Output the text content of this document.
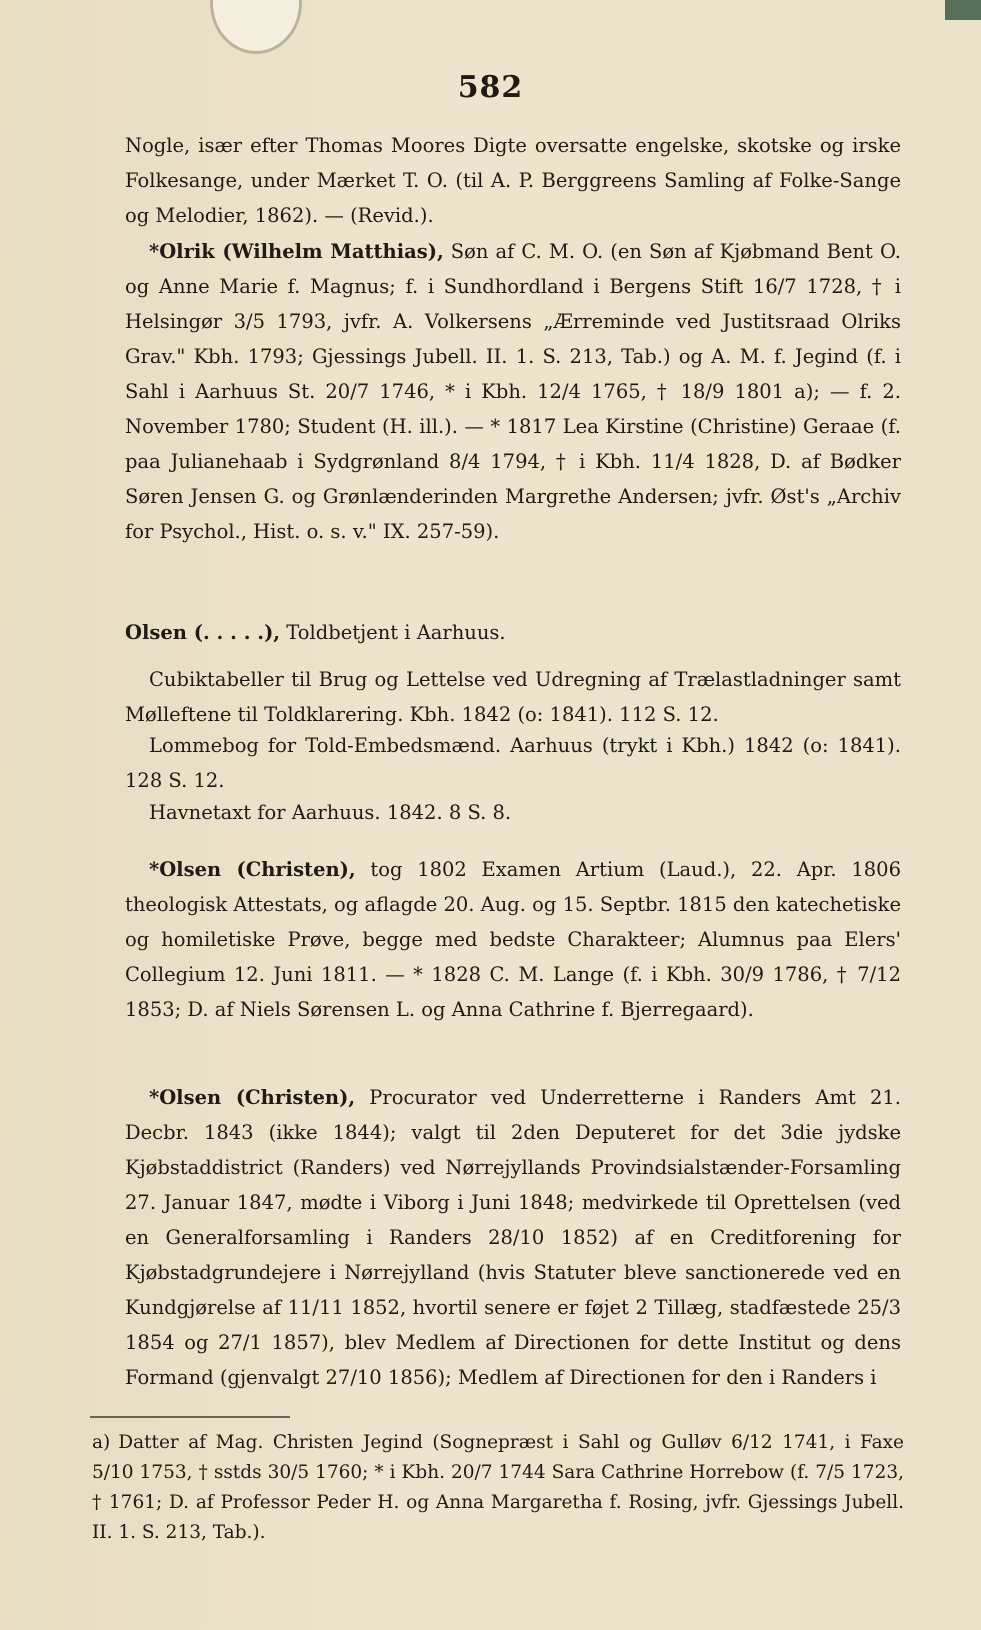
582

Nogle, især efter Thomas Moores Digte oversatte engelske, skotske og irske Folkesange, under Mærket T. O. (til A. P. Berggreens Samling af Folke-Sange og Melodier, 1862). — (Revid.).

*Olrik (Wilhelm Matthias), Søn af C. M. O. (en Søn af Kjøbmand Bent O. og Anne Marie f. Magnus; f. i Sundhordland i Bergens Stift 16/7 1728, † i Helsingør 3/5 1793, jvfr. A. Volkersens „Ærreminde ved Justitsraad Olriks Grav." Kbh. 1793; Gjessings Jubell. II. 1. S. 213, Tab.) og A. M. f. Jegind (f. i Sahl i Aarhuus St. 20/7 1746, * i Kbh. 12/4 1765, † 18/9 1801 a); — f. 2. November 1780; Student (H. ill.). — * 1817 Lea Kirstine (Christine) Geraae (f. paa Julianehaab i Sydgrønland 8/4 1794, † i Kbh. 11/4 1828, D. af Bødker Søren Jensen G. og Grønlænderinden Margrethe Andersen; jvfr. Øst's „Archiv for Psychol., Hist. o. s. v." IX. 257-59).

Olsen (. . . . .), Toldbetjent i Aarhuus.

Cubiktabeller til Brug og Lettelse ved Udregning af Trælastladninger samt Mølleftene til Toldklarering. Kbh. 1842 (o: 1841). 112 S. 12.

Lommebog for Told-Embedsmænd. Aarhuus (trykt i Kbh.) 1842 (o: 1841). 128 S. 12.

Havnetaxt for Aarhuus. 1842. 8 S. 8.

*Olsen (Christen), tog 1802 Examen Artium (Laud.), 22. Apr. 1806 theologisk Attestats, og aflagde 20. Aug. og 15. Septbr. 1815 den katechetiske og homiletiske Prøve, begge med bedste Charakteer; Alumnus paa Elers' Collegium 12. Juni 1811. — * 1828 C. M. Lange (f. i Kbh. 30/9 1786, † 7/12 1853; D. af Niels Sørensen L. og Anna Cathrine f. Bjerregaard).

*Olsen (Christen), Procurator ved Underretterne i Randers Amt 21. Decbr. 1843 (ikke 1844); valgt til 2den Deputeret for det 3die jydske Kjøbstaddistrict (Randers) ved Nørrejyllands Provindsialstænder-Forsamling 27. Januar 1847, mødte i Viborg i Juni 1848; medvirkede til Oprettelsen (ved en Generalforsamling i Randers 28/10 1852) af en Creditforening for Kjøbstadgrundejere i Nørrejylland (hvis Statuter bleve sanctionerede ved en Kundgjørelse af 11/11 1852, hvortil senere er føjet 2 Tillæg, stadfæstede 25/3 1854 og 27/1 1857), blev Medlem af Directionen for dette Institut og dens Formand (gjenvalgt 27/10 1856); Medlem af Directionen for den i Randers i

a) Datter af Mag. Christen Jegind (Sognepræst i Sahl og Gulløv 6/12 1741, i Faxe 5/10 1753, † sstds 30/5 1760; * i Kbh. 20/7 1744 Sara Cathrine Horrebow (f. 7/5 1723, † 1761; D. af Professor Peder H. og Anna Margaretha f. Rosing, jvfr. Gjessings Jubell. II. 1. S. 213, Tab.).
